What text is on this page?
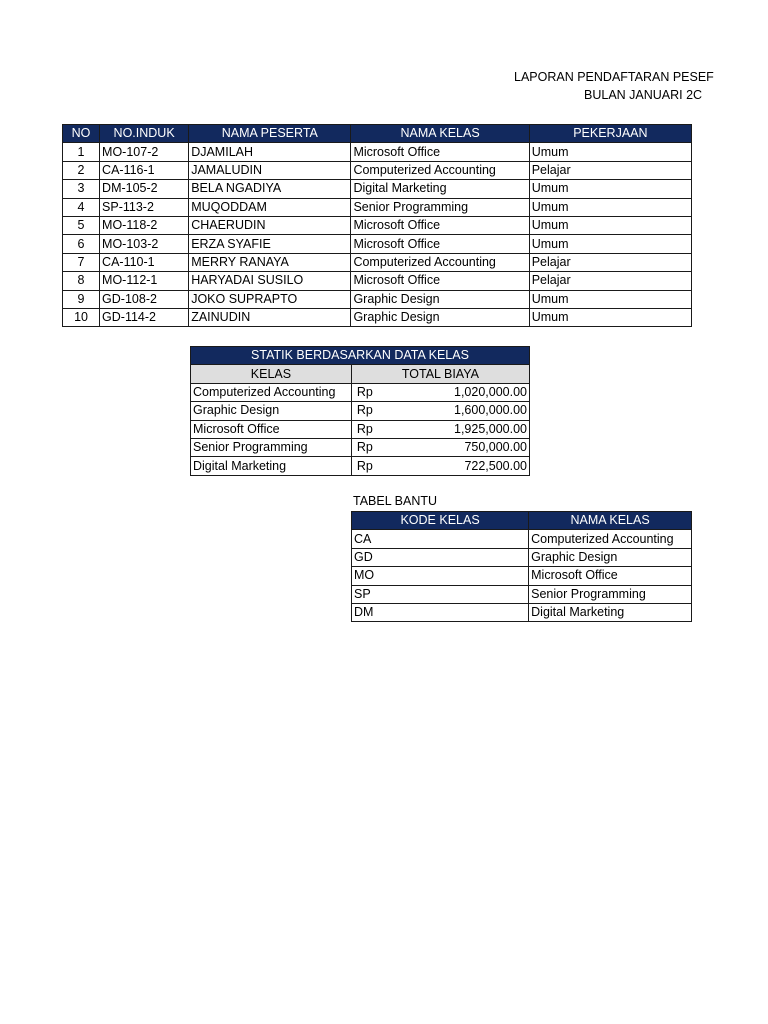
LAPORAN PENDAFTARAN PESEF
BULAN JANUARI 2C
NO	NO.INDUK	NAMA PESERTA	NAMA KELAS	PEKERJAAN
1	MO-107-2	DJAMILAH	Microsoft Office	Umum
2	CA-116-1	JAMALUDIN	Computerized Accounting	Pelajar
3	DM-105-2	BELA NGADIYA	Digital Marketing	Umum
4	SP-113-2	MUQODDAM	Senior Programming	Umum
5	MO-118-2	CHAERUDIN	Microsoft Office	Umum
6	MO-103-2	ERZA SYAFIE	Microsoft Office	Umum
7	CA-110-1	MERRY RANAYA	Computerized Accounting	Pelajar
8	MO-112-1	HARYADAI SUSILO	Microsoft Office	Pelajar
9	GD-108-2	JOKO SUPRAPTO	Graphic Design	Umum
10	GD-114-2	ZAINUDIN	Graphic Design	Umum
STATIK BERDASARKAN DATA KELAS		
KELAS	TOTAL BIAYA	
Computerized Accounting	Rp	1,020,000.00
Graphic Design	Rp	1,600,000.00
Microsoft Office	Rp	1,925,000.00
Senior Programming	Rp	750,000.00
Digital Marketing	Rp	722,500.00
TABEL BANTU
KODE KELAS	NAMA KELAS
CA	Computerized Accounting
GD	Graphic Design
MO	Microsoft Office
SP	Senior Programming
DM	Digital Marketing
